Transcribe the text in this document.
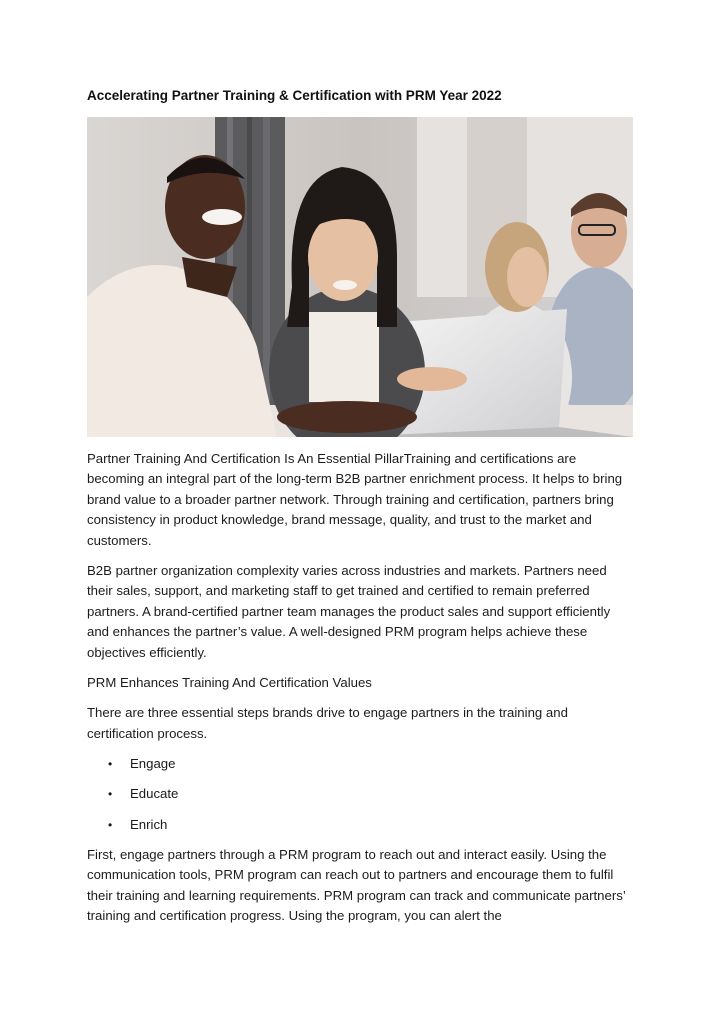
Accelerating Partner Training & Certification with PRM Year 2022

Partner Training And Certification Is An Essential PillarTraining and certifications are becoming an integral part of the long-term B2B partner enrichment process. It helps to bring brand value to a broader partner network. Through training and certification, partners bring consistency in product knowledge, brand message, quality, and trust to the market and customers.

B2B partner organization complexity varies across industries and markets. Partners need their sales, support, and marketing staff to get trained and certified to remain preferred partners. A brand-certified partner team manages the product sales and support efficiently and enhances the partner’s value. A well-designed PRM program helps achieve these objectives efficiently.

PRM Enhances Training And Certification Values

There are three essential steps brands drive to engage partners in the training and certification process.

• Engage
• Educate
• Enrich

First, engage partners through a PRM program to reach out and interact easily. Using the communication tools, PRM program can reach out to partners and encourage them to fulfil their training and learning requirements. PRM program can track and communicate partners’ training and certification progress. Using the program, you can alert the
